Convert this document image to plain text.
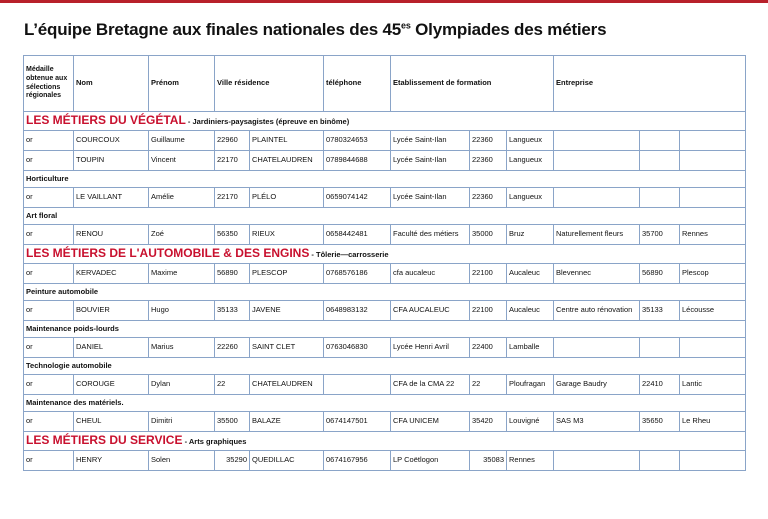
L’équipe Bretagne aux finales nationales des $45^{es}$ Olympiades des métiers
Médaille obtenue aux sélections régionales	Nom	Prénom	Ville résidence		téléphone	Etablissement de formation			Entreprise		
LES MÉTIERS DU VÉGÉTAL - Jardiniers-paysagistes (épreuve en binôme)											
or	COURCOUX	Guillaume	22960	PLAINTEL	0780324653	Lycée Saint-Ilan	22360	Langueux			
or	TOUPIN	Vincent	22170	CHATELAUDREN	0789844688	Lycée Saint-Ilan	22360	Langueux			
Horticulture											
or	LE VAILLANT	Amélie	22170	PLÉLO	0659074142	Lycée Saint-Ilan	22360	Langueux			
Art floral											
or	RENOU	Zoé	56350	RIEUX	0658442481	Faculté des métiers	35000	Bruz	Naturellement fleurs	35700	Rennes
LES MÉTIERS DE L'AUTOMOBILE & DES ENGINS - Tôlerie—carrosserie											
or	KERVADEC	Maxime	56890	PLESCOP	0768576186	cfa aucaleuc	22100	Aucaleuc	Blevennec	56890	Plescop
Peinture automobile											
or	BOUVIER	Hugo	35133	JAVENE	0648983132	CFA AUCALEUC	22100	Aucaleuc	Centre auto rénovation	35133	Lécousse
Maintenance poids-lourds											
or	DANIEL	Marius	22260	SAINT CLET	0763046830	Lycée Henri Avril	22400	Lamballe			
Technologie automobile											
or	COROUGE	Dylan	22	CHATELAUDREN		CFA de la CMA 22	22	Ploufragan	Garage Baudry	22410	Lantic
Maintenance des matériels.											
or	CHEUL	Dimitri	35500	BALAZE	0674147501	CFA UNICEM	35420	Louvigné	SAS M3	35650	Le Rheu
LES MÉTIERS DU SERVICE - Arts graphiques											
or	HENRY	Solen	35290	QUEDILLAC	0674167956	LP Coëtlogon	35083	Rennes			
